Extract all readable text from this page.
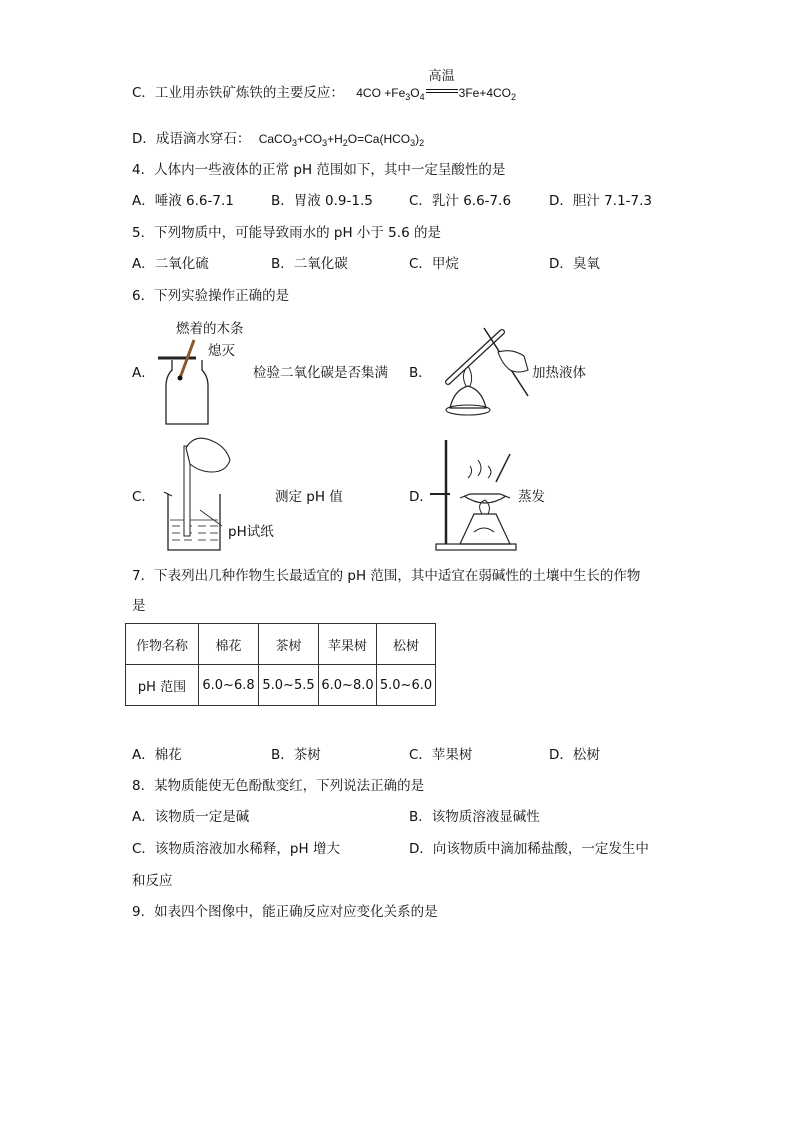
C．工业用赤铁矿炼铁的主要反应： $4CO +Fe_3O_4$
高温
$3Fe+4CO_2$
D．成语滴水穿石： $CaCO_3+CO_3+H_2O=Ca(HCO_3)_2$
4．人体内一些液体的正常 pH 范围如下，其中一定呈酸性的是
A．唾液 6.6-7.1	B．胃液 0.9-1.5	C．乳汁 6.6-7.6	D．胆汁 7.1-7.3
5．下列物质中，可能导致雨水的 pH 小于 5.6 的是
A．二氧化硫	B．二氧化碳	C．甲烷	D．臭氧
6．下列实验操作正确的是
A．
燃着的木条
熄灭
检验二氧化碳是否集满 B．	加热液体
C．
pH试纸
测定 pH 值	D．	蒸发
7．下表列出几种作物生长最适宜的 pH 范围，其中适宜在弱碱性的土壤中生长的作物
是
作物名称	棉花	茶树	苹果树	松树
pH 范围	6.0~6.8	5.0~5.5	6.0~8.0	5.0~6.0
A．棉花	B．茶树	C．苹果树	D．松树
8．某物质能使无色酚酞变红，下列说法正确的是
A．该物质一定是碱	B．该物质溶液显碱性
C．该物质溶液加水稀释，pH 增大	D．向该物质中滴加稀盐酸，一定发生中
和反应
9．如表四个图像中，能正确反应对应变化关系的是
